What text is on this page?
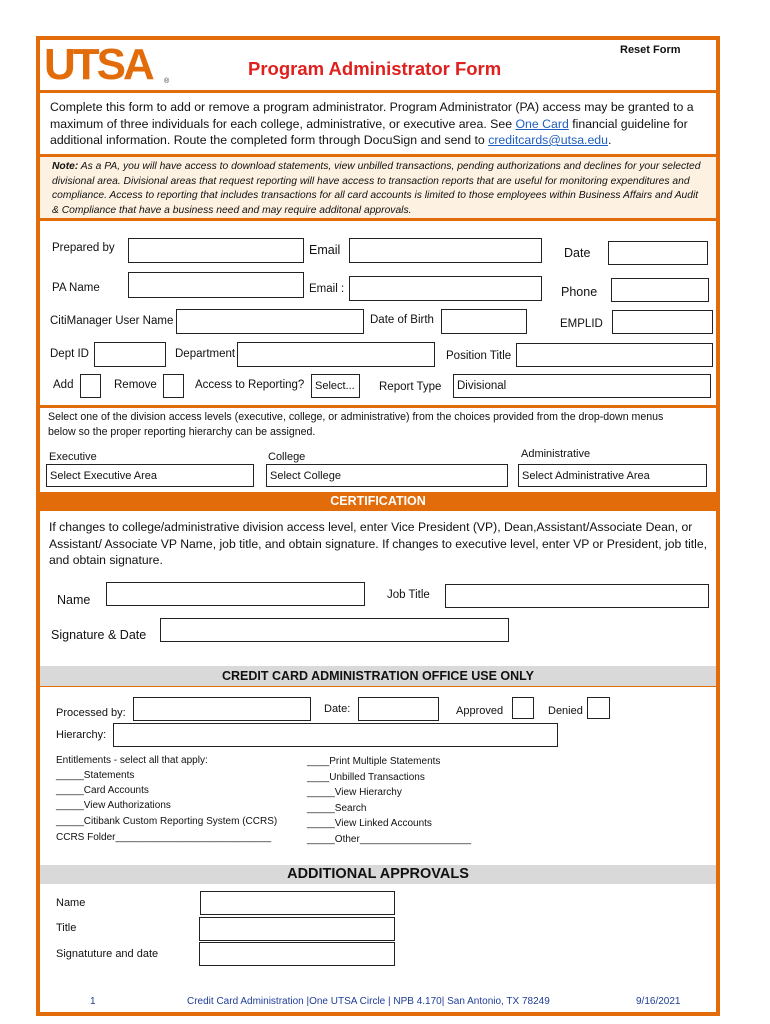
UTSA ®
Program Administrator Form
Reset Form
Complete this form to add or remove a program administrator. Program Administrator (PA) access may be granted to a maximum of three individuals for each college, administrative, or executive area. See One Card financial guideline for additional information. Route the completed form through DocuSign and send to creditcards@utsa.edu.
Note: As a PA, you will have access to download statements, view unbilled transactions, pending authorizations and declines for your selected divisional area. Divisional areas that request reporting will have access to transaction reports that are useful for monitoring expenditures and compliance. Access to reporting that includes transactions for all card accounts is limited to those employees within Business Affairs and Audit & Compliance that have a business need and may require additonal approvals.
Prepared by	Email	Date
PA Name	Email :	Phone
CitiManager User Name	Date of Birth	EMPLID
Dept ID	Department	Position Title
Add	Remove	Access to Reporting? Select... Report Type Divisional
Select one of the division access levels (executive, college, or administrative) from the choices provided from the drop-down menus below so the proper reporting hierarchy can be assigned.
Executive
Select Executive Area
College
Select College
Administrative
Select Administrative Area
CERTIFICATION
If changes to college/administrative division access level, enter Vice President (VP), Dean,Assistant/Associate Dean, or Assistant/ Associate VP Name, job title, and obtain signature. If changes to executive level, enter VP or President, job title, and obtain signature.
Name	Job Title
Signature & Date
CREDIT CARD ADMINISTRATION OFFICE USE ONLY
Processed by:	Date:	Approved	Denied
Hierarchy:
Entitlements - select all that apply:
_____Statements
_____Card Accounts
_____View Authorizations
_____Citibank Custom Reporting System (CCRS)
CCRS Folder____________________________
____Print Multiple Statements
____Unbilled Transactions
_____View Hierarchy
_____Search
_____View Linked Accounts
_____Other____________________
ADDITIONAL APPROVALS
Name
Title
Signatuture and date
1	Credit Card Administration |One UTSA Circle | NPB 4.170| San Antonio, TX 78249	9/16/2021
